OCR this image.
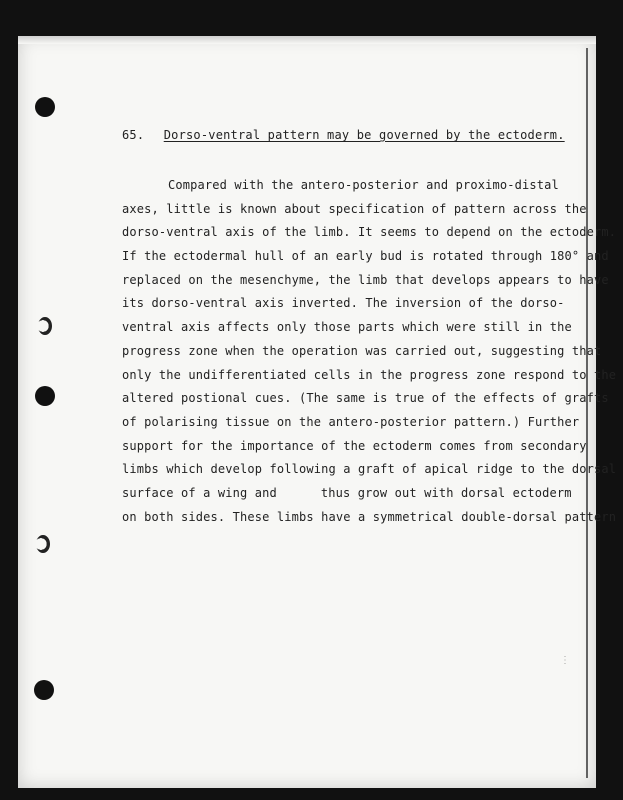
65. Dorso-ventral pattern may be governed by the ectoderm.
Compared with the antero-posterior and proximo-distal
axes, little is known about specification of pattern across the
dorso-ventral axis of the limb. It seems to depend on the ectoderm.
If the ectodermal hull of an early bud is rotated through 180° and
replaced on the mesenchyme, the limb that develops appears to have
its dorso-ventral axis inverted. The inversion of the dorso-
ventral axis affects only those parts which were still in the
progress zone when the operation was carried out, suggesting that
only the undifferentiated cells in the progress zone respond to the
altered postional cues. (The same is true of the effects of grafts
of polarising tissue on the antero-posterior pattern.) Further
support for the importance of the ectoderm comes from secondary
limbs which develop following a graft of apical ridge to the dorsal
surface of a wing and	thus grow out with dorsal ectoderm
on both sides. These limbs have a symmetrical double-dorsal pattern
⋮
